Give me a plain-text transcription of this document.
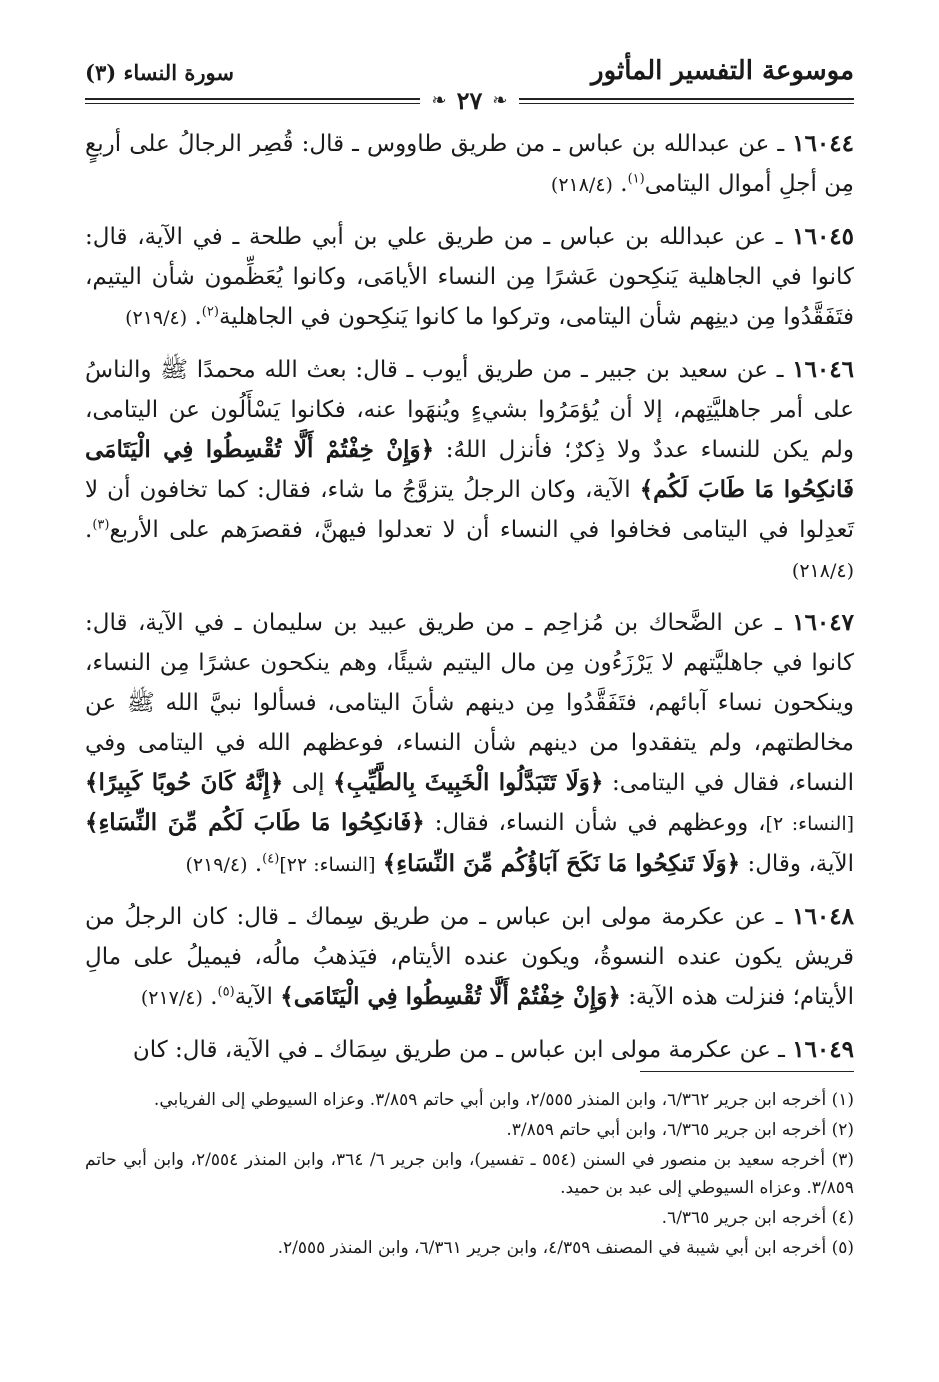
موسوعة التفسير المأثور
سورة النساء (٣)
❧
٢٧
❧

١٦٠٤٤ ـ عن عبدالله بن عباس ـ من طريق طاووس ـ قال: قُصِر الرجالُ على أربعٍ مِن أجلِ أموال اليتامى$^{(١)}$. (٢١٨/٤)

١٦٠٤٥ ـ عن عبدالله بن عباس ـ من طريق علي بن أبي طلحة ـ في الآية، قال: كانوا في الجاهلية يَنكِحون عَشرًا مِن النساء الأيامَى، وكانوا يُعَظِّمون شأن اليتيم، فتَفَقَّدُوا مِن دينِهم شأن اليتامى، وتركوا ما كانوا يَنكِحون في الجاهلية$^{(٢)}$. (٢١٩/٤)

١٦٠٤٦ ـ عن سعيد بن جبير ـ من طريق أيوب ـ قال: بعث الله محمدًا ﷺ والناسُ على أمر جاهليَّتِهم، إلا أن يُؤمَرُوا بشيءٍ ويُنهَوا عنه، فكانوا يَسْأَلُون عن اليتامى، ولم يكن للنساء عددٌ ولا ذِكرٌ؛ فأنزل اللهُ: ﴿وَإِنْ خِفْتُمْ أَلَّا تُقْسِطُوا فِي الْيَتَامَى فَانكِحُوا مَا طَابَ لَكُم﴾ الآية، وكان الرجلُ يتزوَّجُ ما شاء، فقال: كما تخافون أن لا تَعدِلوا في اليتامى فخافوا في النساء أن لا تعدلوا فيهنَّ، فقصرَهم على الأربع$^{(٣)}$. (٢١٨/٤)

١٦٠٤٧ ـ عن الضَّحاك بن مُزاحِم ـ من طريق عبيد بن سليمان ـ في الآية، قال: كانوا في جاهليَّتهم لا يَرْزَءُون مِن مال اليتيم شيئًا، وهم ينكحون عشرًا مِن النساء، وينكحون نساء آبائهم، فتَفَقَّدُوا مِن دينهم شأنَ اليتامى، فسألوا نبيَّ الله ﷺ عن مخالطتهم، ولم يتفقدوا من دينهم شأن النساء، فوعظهم الله في اليتامى وفي النساء، فقال في اليتامى: ﴿وَلَا تَتَبَدَّلُوا الْخَبِيثَ بِالطَّيِّبِ﴾ إلى ﴿إِنَّهُ كَانَ حُوبًا كَبِيرًا﴾ [النساء: ٢]، ووعظهم في شأن النساء، فقال: ﴿فَانكِحُوا مَا طَابَ لَكُم مِّنَ النِّسَاءِ﴾ الآية، وقال: ﴿وَلَا تَنكِحُوا مَا نَكَحَ آبَاؤُكُم مِّنَ النِّسَاءِ﴾ [النساء: ٢٢]$^{(٤)}$. (٢١٩/٤)

١٦٠٤٨ ـ عن عكرمة مولى ابن عباس ـ من طريق سِماك ـ قال: كان الرجلُ من قريش يكون عنده النسوةُ، ويكون عنده الأيتام، فيَذهبُ مالُه، فيميلُ على مالِ الأيتام؛ فنزلت هذه الآية: ﴿وَإِنْ خِفْتُمْ أَلَّا تُقْسِطُوا فِي الْيَتَامَى﴾ الآية$^{(٥)}$. (٢١٧/٤)

١٦٠٤٩ ـ عن عكرمة مولى ابن عباس ـ من طريق سِمَاك ـ في الآية، قال: كان

(١) أخرجه ابن جرير ٦/٣٦٢، وابن المنذر ٢/٥٥٥، وابن أبي حاتم ٣/٨٥٩. وعزاه السيوطي إلى الفريابي.

(٢) أخرجه ابن جرير ٦/٣٦٥، وابن أبي حاتم ٣/٨٥٩.

(٣) أخرجه سعيد بن منصور في السنن (٥٥٤ ـ تفسير)، وابن جرير ٦/ ٣٦٤، وابن المنذر ٢/٥٥٤، وابن أبي حاتم ٣/٨٥٩. وعزاه السيوطي إلى عبد بن حميد.

(٤) أخرجه ابن جرير ٦/٣٦٥.

(٥) أخرجه ابن أبي شيبة في المصنف ٤/٣٥٩، وابن جرير ٦/٣٦١، وابن المنذر ٢/٥٥٥.
